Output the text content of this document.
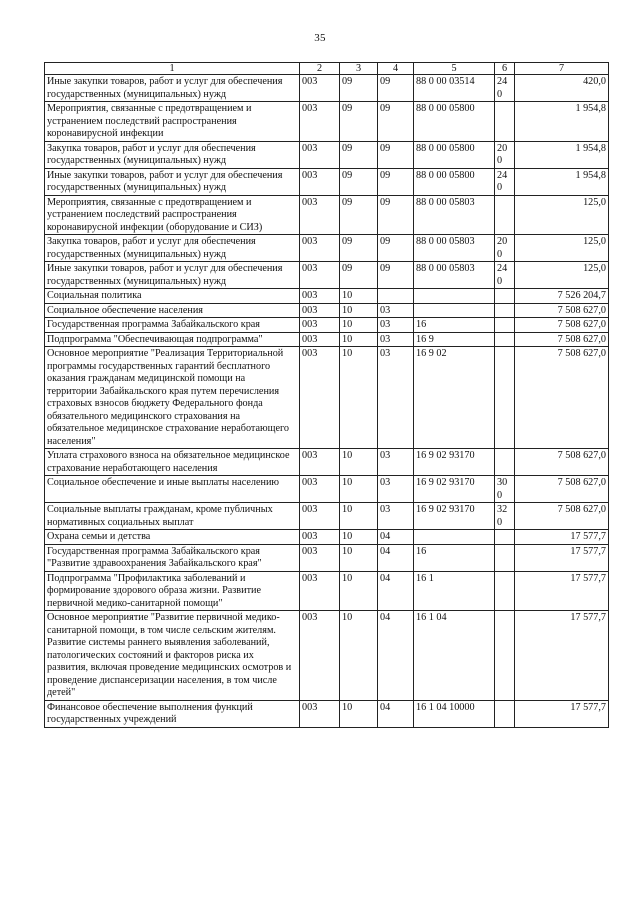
35
1	2	3	4	5	6	7
Иные закупки товаров, работ и услуг для обеспечения государственных (муниципальных) нужд	003	09	09	88 0 00 03514	240	420,0
Мероприятия, связанные с предотвращением и устранением последствий распространения коронавирусной инфекции	003	09	09	88 0 00 05800		1 954,8
Закупка товаров, работ и услуг для обеспечения государственных (муниципальных) нужд	003	09	09	88 0 00 05800	200	1 954,8
Иные закупки товаров, работ и услуг для обеспечения государственных (муниципальных) нужд	003	09	09	88 0 00 05800	240	1 954,8
Мероприятия, связанные с предотвращением и устранением последствий распространения коронавирусной инфекции (оборудование и СИЗ)	003	09	09	88 0 00 05803		125,0
Закупка товаров, работ и услуг для обеспечения государственных (муниципальных) нужд	003	09	09	88 0 00 05803	200	125,0
Иные закупки товаров, работ и услуг для обеспечения государственных (муниципальных) нужд	003	09	09	88 0 00 05803	240	125,0
Социальная политика	003	10				7 526 204,7
Социальное обеспечение населения	003	10	03			7 508 627,0
Государственная программа Забайкальского края	003	10	03	16		7 508 627,0
Подпрограмма "Обеспечивающая подпрограмма"	003	10	03	16 9		7 508 627,0
Основное мероприятие "Реализация Территориальной программы государственных гарантий бесплатного оказания гражданам медицинской помощи на территории Забайкальского края путем перечисления страховых взносов бюджету Федерального фонда обязательного медицинского страхования на обязательное медицинское страхование неработающего населения"	003	10	03	16 9 02		7 508 627,0
Уплата страхового взноса на обязательное медицинское страхование неработающего населения	003	10	03	16 9 02 93170		7 508 627,0
Социальное обеспечение и иные выплаты населению	003	10	03	16 9 02 93170	300	7 508 627,0
Социальные выплаты гражданам, кроме публичных нормативных социальных выплат	003	10	03	16 9 02 93170	320	7 508 627,0
Охрана семьи и детства	003	10	04			17 577,7
Государственная программа Забайкальского края "Развитие здравоохранения Забайкальского края"	003	10	04	16		17 577,7
Подпрограмма "Профилактика заболеваний и формирование здорового образа жизни. Развитие первичной медико-санитарной помощи"	003	10	04	16 1		17 577,7
Основное мероприятие "Развитие первичной медико-санитарной помощи, в том числе сельским жителям. Развитие системы раннего выявления заболеваний, патологических состояний и факторов риска их развития, включая проведение медицинских осмотров и проведение диспансеризации населения, в том числе детей"	003	10	04	16 1 04		17 577,7
Финансовое обеспечение выполнения функций государственных учреждений	003	10	04	16 1 04 10000		17 577,7
